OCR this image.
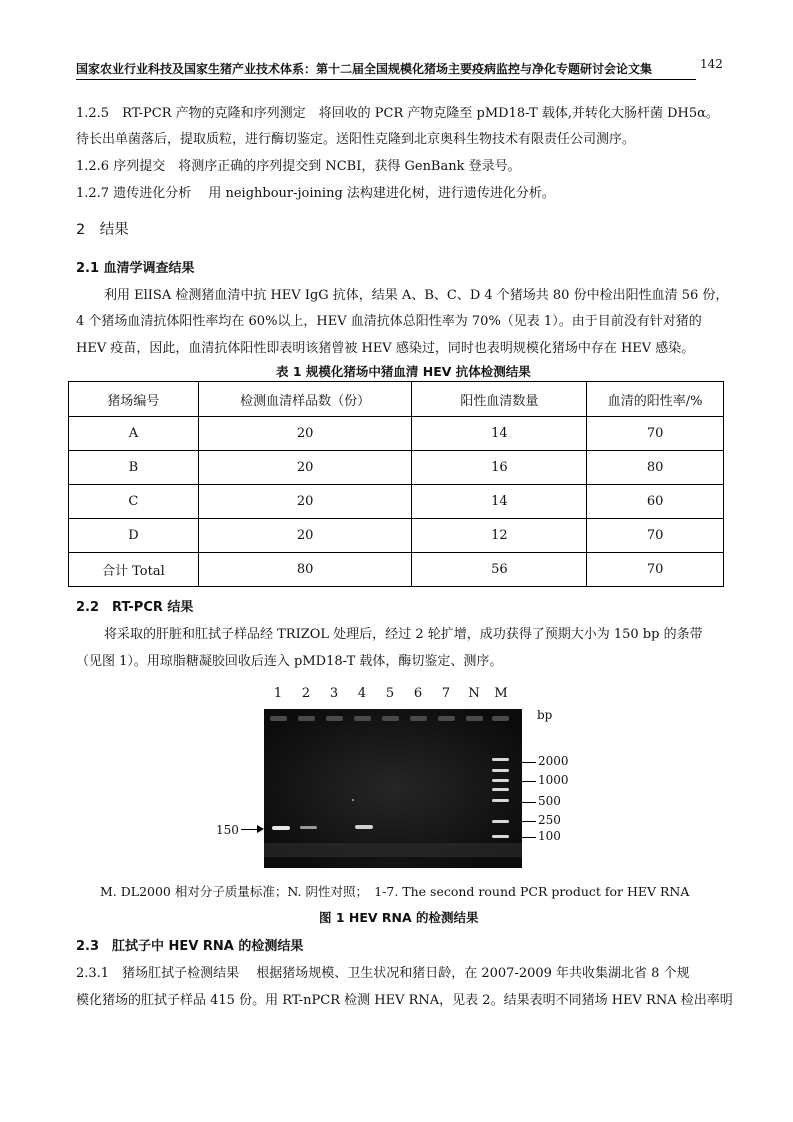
国家农业行业科技及国家生猪产业技术体系：第十二届全国规模化猪场主要疫病监控与净化专题研讨会论文集	142
1.2.5　RT-PCR 产物的克隆和序列测定　将回收的 PCR 产物克隆至 pMD18-T 载体,并转化大肠杆菌 DH5α。
待长出单菌落后，提取质粒，进行酶切鉴定。送阳性克隆到北京奥科生物技术有限责任公司测序。
1.2.6 序列提交　将测序正确的序列提交到 NCBI，获得 GenBank 登录号。
1.2.7 遗传进化分析　 用 neighbour-joining 法构建进化树，进行遗传进化分析。
2　结果
2.1 血清学调查结果
利用 ElISA 检测猪血清中抗 HEV IgG 抗体，结果 A、B、C、D 4 个猪场共 80 份中检出阳性血清 56 份，
4 个猪场血清抗体阳性率均在 60%以上，HEV 血清抗体总阳性率为 70%（见表 1）。由于目前没有针对猪的
HEV 疫苗，因此，血清抗体阳性即表明该猪曾被 HEV 感染过，同时也表明规模化猪场中存在 HEV 感染。
表 1 规模化猪场中猪血清 HEV 抗体检测结果
猪场编号	检测血清样品数（份）	阳性血清数量	血清的阳性率/%
A	20	14	70
B	20	16	80
C	20	14	60
D	20	12	70
合计 Total	80	56	70
2.2　RT-PCR 结果
将采取的肝脏和肛拭子样品经 TRIZOL 处理后，经过 2 轮扩增，成功获得了预期大小为 150 bp 的条带
（见图 1）。用琼脂糖凝胶回收后连入 pMD18-T 载体，酶切鉴定、测序。
1	2	3	4	5	6	7	N	M
bp
2000
1000
500
250
100
150
M. DL2000 相对分子质量标准；N. 阴性对照；　1-7. The second round PCR product for HEV RNA
图 1 HEV RNA 的检测结果
2.3　肛拭子中 HEV RNA 的检测结果
2.3.1　猪场肛拭子检测结果　 根据猪场规模、卫生状况和猪日龄，在 2007-2009 年共收集湖北省 8 个规
模化猪场的肛拭子样品 415 份。用 RT-nPCR 检测 HEV RNA，见表 2。结果表明不同猪场 HEV RNA 检出率明
